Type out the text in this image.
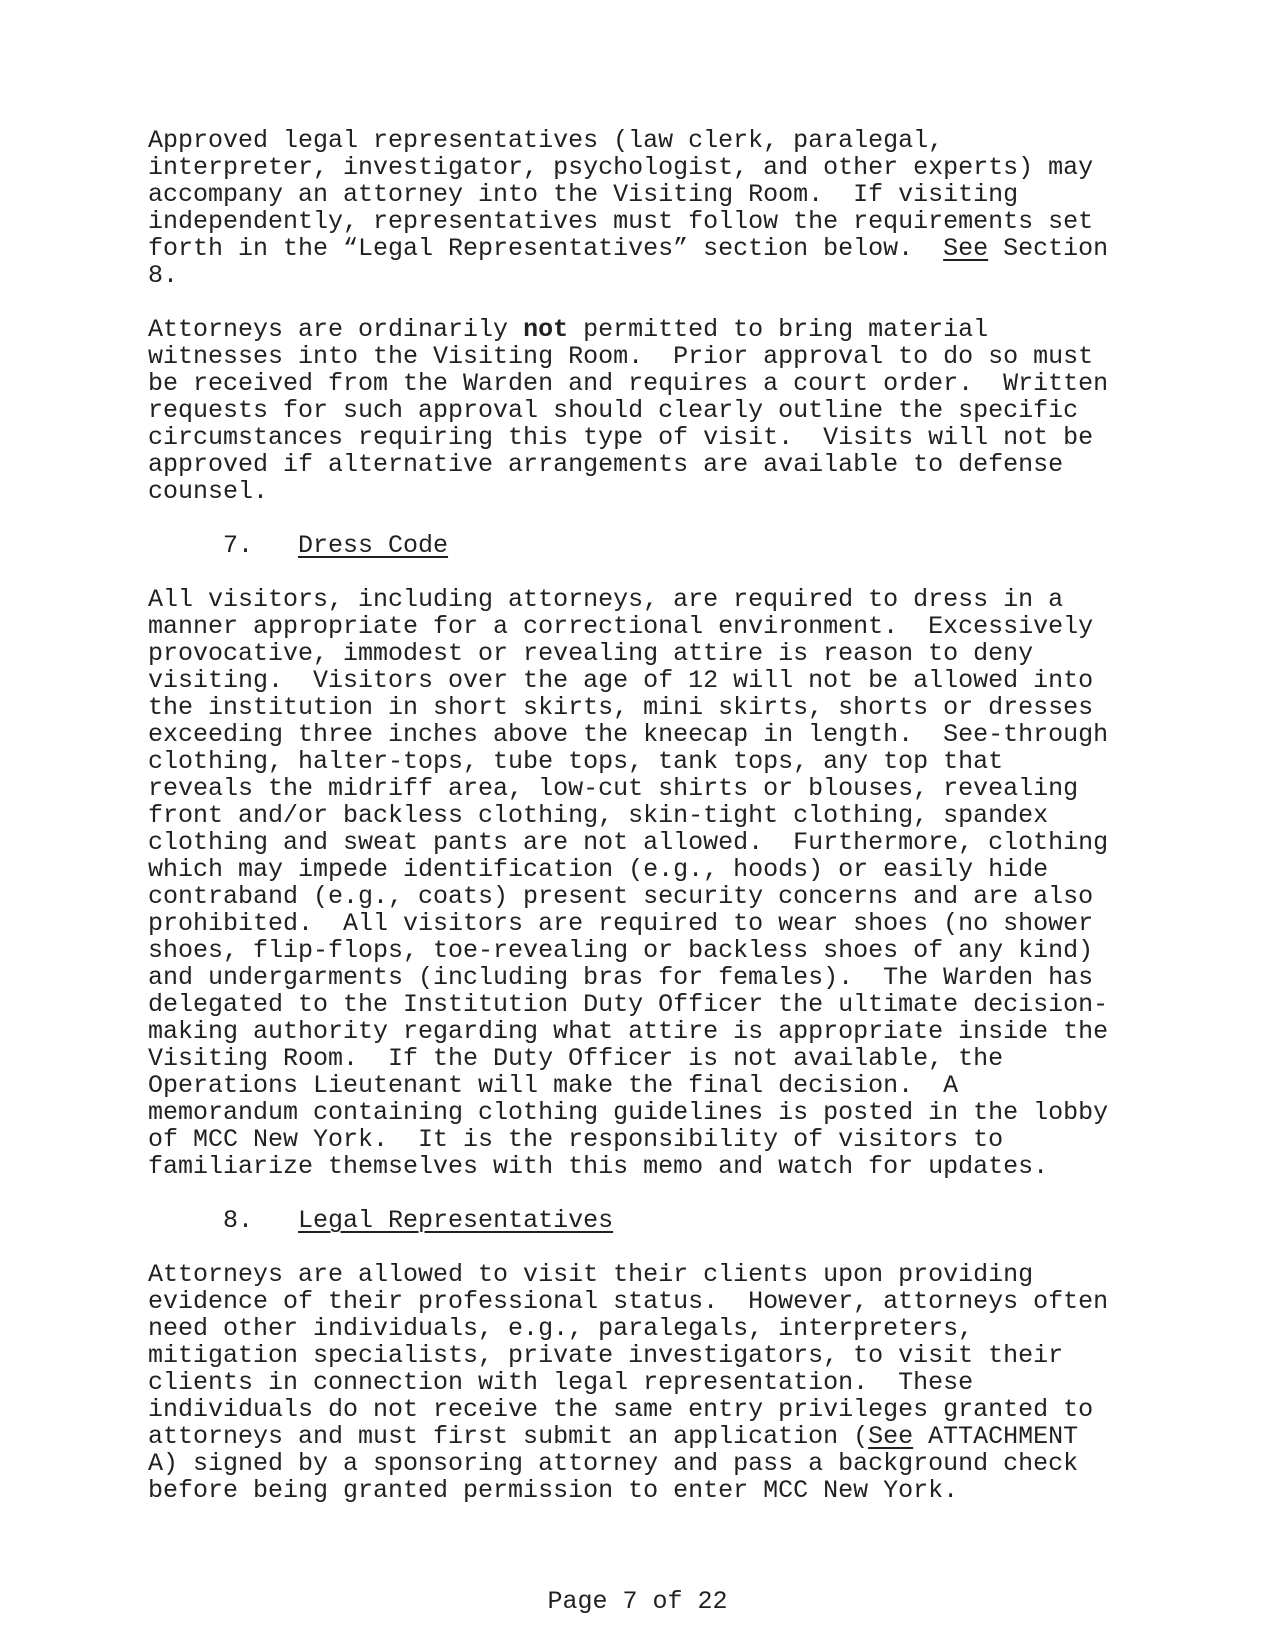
Approved legal representatives (law clerk, paralegal,
interpreter, investigator, psychologist, and other experts) may
accompany an attorney into the Visiting Room.  If visiting
independently, representatives must follow the requirements set
forth in the “Legal Representatives” section below.  See Section
8.
Attorneys are ordinarily not permitted to bring material
witnesses into the Visiting Room.  Prior approval to do so must
be received from the Warden and requires a court order.  Written
requests for such approval should clearly outline the specific
circumstances requiring this type of visit.  Visits will not be
approved if alternative arrangements are available to defense
counsel.
7.   Dress Code
All visitors, including attorneys, are required to dress in a
manner appropriate for a correctional environment.  Excessively
provocative, immodest or revealing attire is reason to deny
visiting.  Visitors over the age of 12 will not be allowed into
the institution in short skirts, mini skirts, shorts or dresses
exceeding three inches above the kneecap in length.  See-through
clothing, halter-tops, tube tops, tank tops, any top that
reveals the midriff area, low-cut shirts or blouses, revealing
front and/or backless clothing, skin-tight clothing, spandex
clothing and sweat pants are not allowed.  Furthermore, clothing
which may impede identification (e.g., hoods) or easily hide
contraband (e.g., coats) present security concerns and are also
prohibited.  All visitors are required to wear shoes (no shower
shoes, flip-flops, toe-revealing or backless shoes of any kind)
and undergarments (including bras for females).  The Warden has
delegated to the Institution Duty Officer the ultimate decision-
making authority regarding what attire is appropriate inside the
Visiting Room.  If the Duty Officer is not available, the
Operations Lieutenant will make the final decision.  A
memorandum containing clothing guidelines is posted in the lobby
of MCC New York.  It is the responsibility of visitors to
familiarize themselves with this memo and watch for updates.
8.   Legal Representatives
Attorneys are allowed to visit their clients upon providing
evidence of their professional status.  However, attorneys often
need other individuals, e.g., paralegals, interpreters,
mitigation specialists, private investigators, to visit their
clients in connection with legal representation.  These
individuals do not receive the same entry privileges granted to
attorneys and must first submit an application (See ATTACHMENT
A) signed by a sponsoring attorney and pass a background check
before being granted permission to enter MCC New York.
Page 7 of 22
